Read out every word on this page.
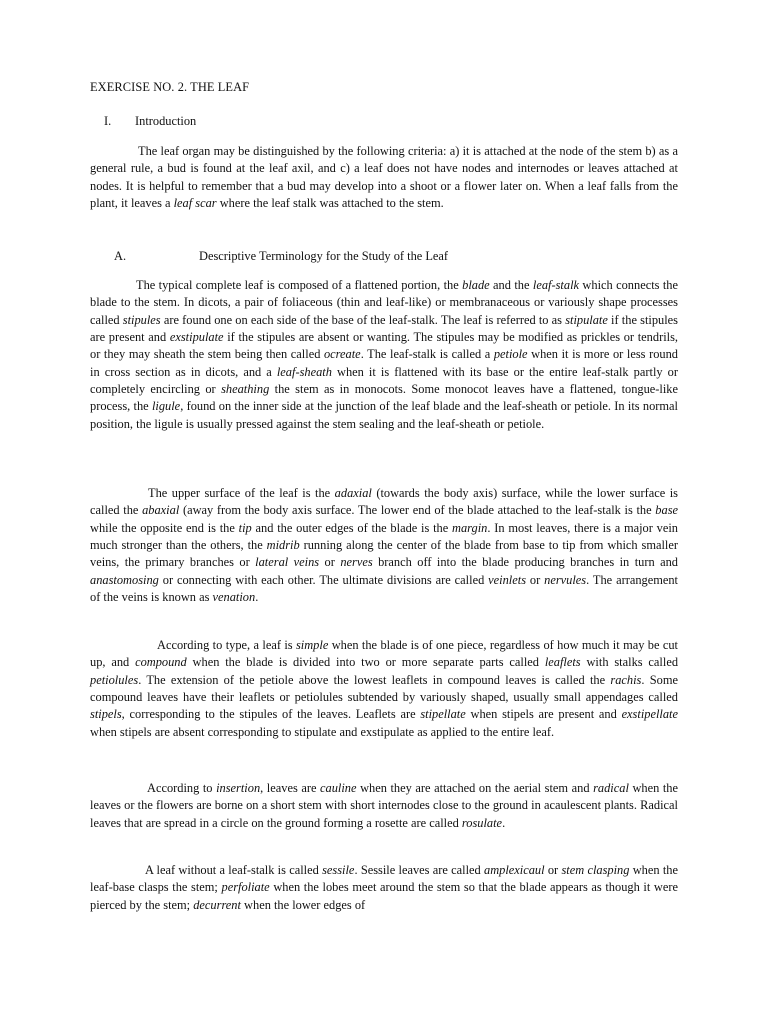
EXERCISE NO. 2. THE LEAF
I. Introduction

The leaf organ may be distinguished by the following criteria: a) it is attached at the node of the stem b) as a general rule, a bud is found at the leaf axil, and c) a leaf does not have nodes and internodes or leaves attached at nodes. It is helpful to remember that a bud may develop into a shoot or a flower later on. When a leaf falls from the plant, it leaves a leaf scar where the leaf stalk was attached to the stem.

A.	Descriptive Terminology for the Study of the Leaf

The typical complete leaf is composed of a flattened portion, the blade and the leaf-stalk which connects the blade to the stem. In dicots, a pair of foliaceous (thin and leaf-like) or membranaceous or variously shape processes called stipules are found one on each side of the base of the leaf-stalk. The leaf is referred to as stipulate if the stipules are present and exstipulate if the stipules are absent or wanting. The stipules may be modified as prickles or tendrils, or they may sheath the stem being then called ocreate. The leaf-stalk is called a petiole when it is more or less round in cross section as in dicots, and a leaf-sheath when it is flattened with its base or the entire leaf-stalk partly or completely encircling or sheathing the stem as in monocots. Some monocot leaves have a flattened, tongue-like process, the ligule, found on the inner side at the junction of the leaf blade and the leaf-sheath or petiole. In its normal position, the ligule is usually pressed against the stem sealing and the leaf-sheath or petiole.

The upper surface of the leaf is the adaxial (towards the body axis) surface, while the lower surface is called the abaxial (away from the body axis surface. The lower end of the blade attached to the leaf-stalk is the base while the opposite end is the tip and the outer edges of the blade is the margin. In most leaves, there is a major vein much stronger than the others, the midrib running along the center of the blade from base to tip from which smaller veins, the primary branches or lateral veins or nerves branch off into the blade producing branches in turn and anastomosing or connecting with each other. The ultimate divisions are called veinlets or nervules. The arrangement of the veins is known as venation.

According to type, a leaf is simple when the blade is of one piece, regardless of how much it may be cut up, and compound when the blade is divided into two or more separate parts called leaflets with stalks called petiolules. The extension of the petiole above the lowest leaflets in compound leaves is called the rachis. Some compound leaves have their leaflets or petiolules subtended by variously shaped, usually small appendages called stipels, corresponding to the stipules of the leaves. Leaflets are stipellate when stipels are present and exstipellate when stipels are absent corresponding to stipulate and exstipulate as applied to the entire leaf.

According to insertion, leaves are cauline when they are attached on the aerial stem and radical when the leaves or the flowers are borne on a short stem with short internodes close to the ground in acaulescent plants. Radical leaves that are spread in a circle on the ground forming a rosette are called rosulate.

A leaf without a leaf-stalk is called sessile. Sessile leaves are called amplexicaul or stem clasping when the leaf-base clasps the stem; perfoliate when the lobes meet around the stem so that the blade appears as though it were pierced by the stem; decurrent when the lower edges of
